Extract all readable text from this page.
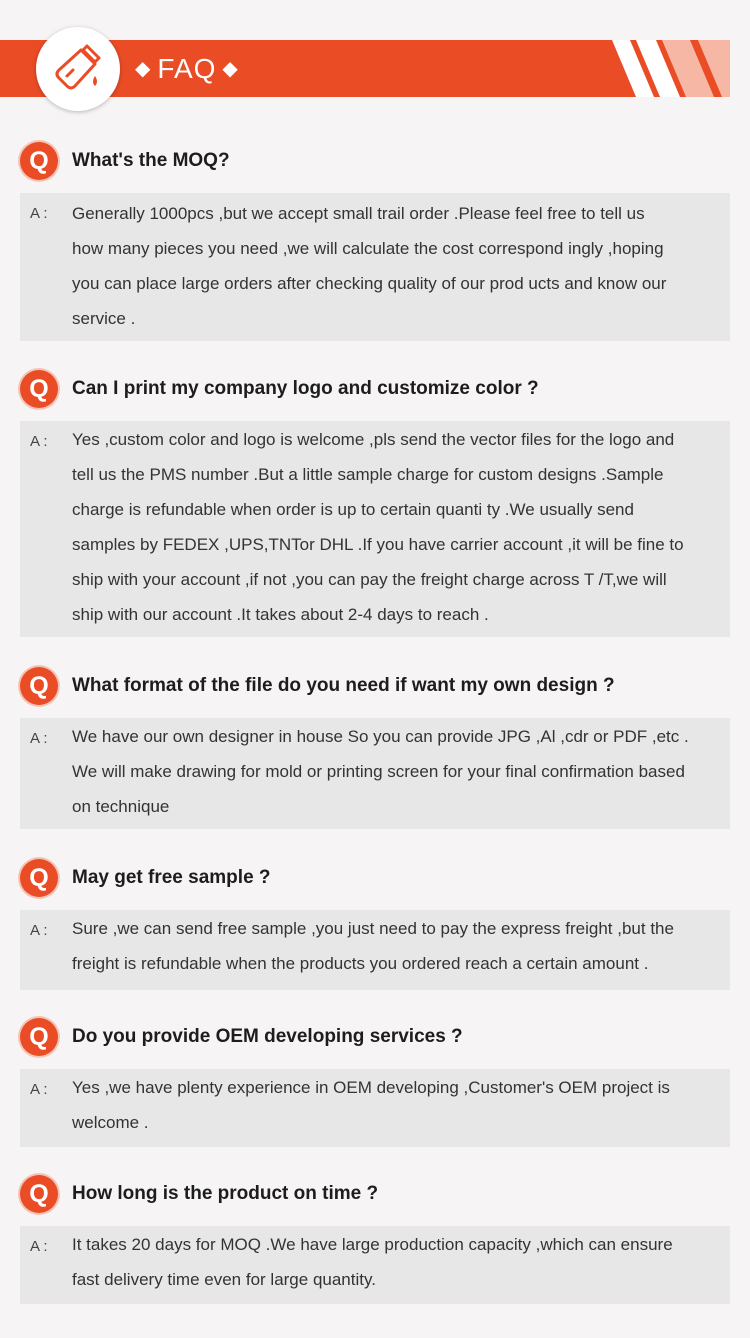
◆ FAQ ◆
Q	What's the MOQ?
A : Generally 1000pcs ,but we accept small trail order .Please feel free to tell us
how many pieces you need ,we will calculate the cost correspond ingly ,hoping
you can place large orders after checking quality of our prod ucts and know our
service .
Q	Can I print my company logo and customize color ?
A : Yes ,custom color and logo is welcome ,pls send the vector files for the logo and
tell us the PMS number .But a little sample charge for custom designs .Sample
charge is refundable when order is up to certain quanti ty .We usually send
samples by FEDEX ,UPS,TNTor DHL .If you have carrier account ,it will be fine to
ship with your account ,if not ,you can pay the freight charge across T /T,we will
ship with our account .It takes about 2-4 days to reach .
Q	What format of the file do you need if want my own design ?
A : We have our own designer in house So you can provide JPG ,Al ,cdr or PDF ,etc .
We will make drawing for mold or printing screen for your final confirmation based
on technique
Q	May get free sample ?
A : Sure ,we can send free sample ,you just need to pay the express freight ,but the
freight is refundable when the products you ordered reach a certain amount .
Q	Do you provide OEM developing services ?
A : Yes ,we have plenty experience in OEM developing ,Customer's OEM project is
welcome .
Q	How long is the product on time ?
A : It takes 20 days for MOQ .We have large production capacity ,which can ensure
fast delivery time even for large quantity.
